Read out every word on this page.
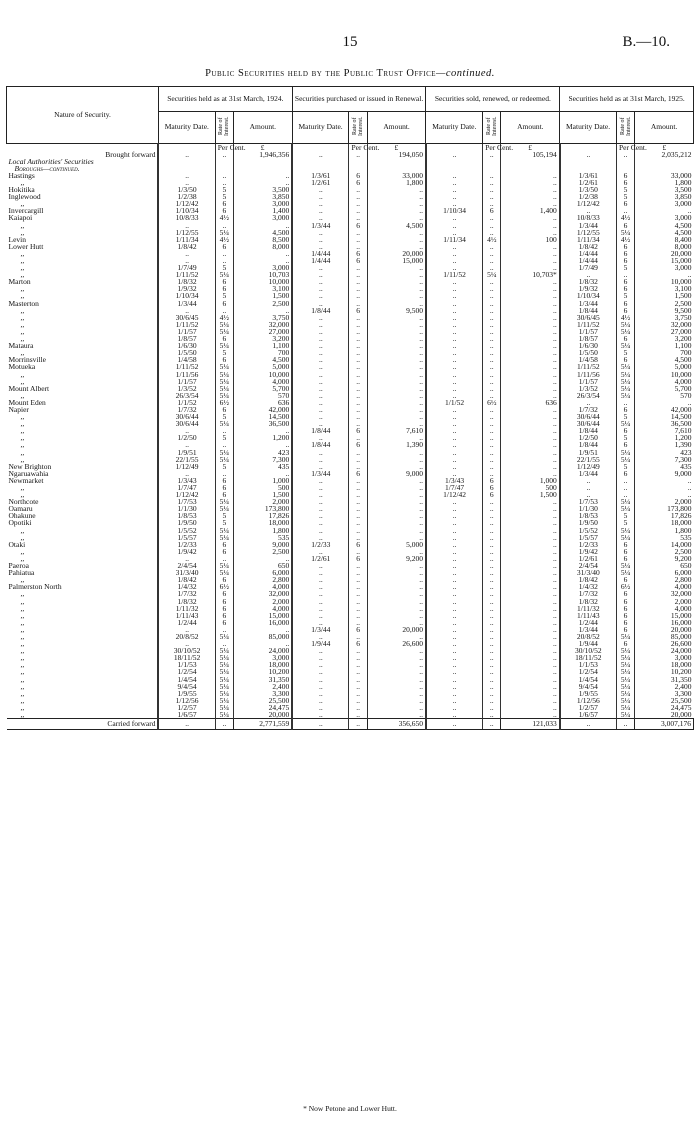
15	B.—10.
Public Securities held by the Public Trust Office—continued.
Nature of Security.	Securities held as at 31st March, 1924.			Securities purchased or issued in Renewal.			Securities sold, renewed, or redeemed.			Securities held as at 31st March, 1925.		
	Maturity Date.	Rate of Interest.	Amount.	Maturity Date.	Rate of Interest.	Amount.	Maturity Date.	Rate of Interest.	Amount.	Maturity Date.	Rate of Interest.	Amount.
		Per Cent.	£		Per Cent.	£		Per Cent.	£		Per Cent.	£
Brought forward	..	..	1,946,356	..	..	194,050	..	..	105,194	..	..	2,035,212
Local Authorities' Securities												
Boroughs—continued.												
Hastings	..	..	..	1/3/61	6	33,000	..	..	..	1/3/61	6	33,000
,,	..	..	..	1/2/61	6	1,800	..	..	..	1/2/61	6	1,800
Hokitika	1/3/50	5	3,500	..	..	..	..	..	..	1/3/50	5	3,500
Inglewood	1/2/38	5	3,850	..	..	..	..	..	..	1/2/38	5	3,850
,,	1/12/42	6	3,000	..	..	..	..	..	..	1/12/42	6	3,000
Invercargill	1/10/34	6	1,400	..	..	..	1/10/34	6	1,400	..	..	..
Kaiapoi	10/8/33	4½	3,000	..	..	..	..	..	..	10/8/33	4½	3,000
,,	..	..	..	1/3/44	6	4,500	..	..	..	1/3/44	6	4,500
,,	1/12/55	5¼	4,500	..	..	..	..	..	..	1/12/55	5¼	4,500
Levin	1/11/34	4½	8,500	..	..	..	1/11/34	4½	100	1/11/34	4½	8,400
Lower Hutt	1/8/42	6	8,000	..	..	..	..	..	..	1/8/42	6	8,000
,,	..	..	..	1/4/44	6	20,000	..	..	..	1/4/44	6	20,000
,,	..	..	..	1/4/44	6	15,000	..	..	..	1/4/44	6	15,000
,,	1/7/49	5	3,000	..	..	..	..	..	..	1/7/49	5	3,000
,,	1/11/52	5¼	10,703	..	..	..	1/11/52	5¼	10,703*	..	..	..
Marton	1/8/32	6	10,000	..	..	..	..	..	..	1/8/32	6	10,000
,,	1/9/32	6	3,100	..	..	..	..	..	..	1/9/32	6	3,100
,,	1/10/34	5	1,500	..	..	..	..	..	..	1/10/34	5	1,500
Masterton	1/3/44	6	2,500	..	..	..	..	..	..	1/3/44	6	2,500
,,	..	..	..	1/8/44	6	9,500	..	..	..	1/8/44	6	9,500
,,	30/6/45	4½	3,750	..	..	..	..	..	..	30/6/45	4½	3,750
,,	1/11/52	5¼	32,000	..	..	..	..	..	..	1/11/52	5¼	32,000
,,	1/1/57	5¼	27,000	..	..	..	..	..	..	1/1/57	5¼	27,000
,,	1/8/57	6	3,200	..	..	..	..	..	..	1/8/57	6	3,200
Mataura	1/6/30	5¼	1,100	..	..	..	..	..	..	1/6/30	5¼	1,100
,,	1/5/50	5	700	..	..	..	..	..	..	1/5/50	5	700
Morrinsville	1/4/58	6	4,500	..	..	..	..	..	..	1/4/58	6	4,500
Motueka	1/11/52	5¼	5,000	..	..	..	..	..	..	1/11/52	5¼	5,000
,,	1/11/56	5¼	10,000	..	..	..	..	..	..	1/11/56	5¼	10,000
,,	1/1/57	5¼	4,000	..	..	..	..	..	..	1/1/57	5¼	4,000
Mount Albert	1/3/52	5¼	5,700	..	..	..	..	..	..	1/3/52	5¼	5,700
,,	26/3/54	5¼	570	..	..	..	..	..	..	26/3/54	5¼	570
Mount Eden	1/1/52	6½	636	..	..	..	1/1/52	6½	636	..	..	..
Napier	1/7/32	6	42,000	..	..	..	..	..	..	1/7/32	6	42,000
,,	30/6/44	5	14,500	..	..	..	..	..	..	30/6/44	5	14,500
,,	30/6/44	5¼	36,500	..	..	..	..	..	..	30/6/44	5¼	36,500
,,	..	..	..	1/8/44	6	7,610	..	..	..	1/8/44	6	7,610
,,	1/2/50	5	1,200	..	..	..	..	..	..	1/2/50	5	1,200
,,	..	..	..	1/8/44	6	1,390	..	..	..	1/8/44	6	1,390
,,	1/9/51	5¼	423	..	..	..	..	..	..	1/9/51	5¼	423
,,	22/1/55	5¼	7,300	..	..	..	..	..	..	22/1/55	5¼	7,300
New Brighton	1/12/49	5	435	..	..	..	..	..	..	1/12/49	5	435
Ngaruawahia	..	..	..	1/3/44	6	9,000	..	..	..	1/3/44	6	9,000
Newmarket	1/3/43	6	1,000	..	..	..	1/3/43	6	1,000	..	..	..
,,	1/7/47	6	500	..	..	..	1/7/47	6	500	..	..	..
,,	1/12/42	6	1,500	..	..	..	1/12/42	6	1,500	..	..	..
Northcote	1/7/53	5¼	2,000	..	..	..	..	..	..	1/7/53	5¼	2,000
Oamaru	1/1/30	5¼	173,800	..	..	..	..	..	..	1/1/30	5¼	173,800
Ohakune	1/8/53	5	17,826	..	..	..	..	..	..	1/8/53	5	17,826
Opotiki	1/9/50	5	18,000	..	..	..	..	..	..	1/9/50	5	18,000
,,	1/5/52	5¼	1,800	..	..	..	..	..	..	1/5/52	5¼	1,800
,,	1/5/57	5¼	535	..	..	..	..	..	..	1/5/57	5¼	535
Otaki	1/2/33	6	9,000	1/2/33	6	5,000	..	..	..	1/2/33	6	14,000
,,	1/9/42	6	2,500	..	..	..	..	..	..	1/9/42	6	2,500
,,	..	..	..	1/2/61	6	9,200	..	..	..	1/2/61	6	9,200
Paeroa	2/4/54	5¼	650	..	..	..	..	..	..	2/4/54	5¼	650
Pahiatua	31/3/40	5¼	6,000	..	..	..	..	..	..	31/3/40	5¼	6,000
,,	1/8/42	6	2,800	..	..	..	..	..	..	1/8/42	6	2,800
Palmerston North	1/4/32	6½	4,000	..	..	..	..	..	..	1/4/32	6½	4,000
,,	1/7/32	6	32,000	..	..	..	..	..	..	1/7/32	6	32,000
,,	1/8/32	6	2,000	..	..	..	..	..	..	1/8/32	6	2,000
,,	1/11/32	6	4,000	..	..	..	..	..	..	1/11/32	6	4,000
,,	1/11/43	6	15,000	..	..	..	..	..	..	1/11/43	6	15,000
,,	1/2/44	6	16,000	..	..	..	..	..	..	1/2/44	6	16,000
,,	..	..	..	1/3/44	6	20,000	..	..	..	1/3/44	6	20,000
,,	20/8/52	5¼	85,000	..	..	..	..	..	..	20/8/52	5¼	85,000
,,	..	..	..	1/9/44	6	26,600	..	..	..	1/9/44	6	26,600
,,	30/10/52	5¼	24,000	..	..	..	..	..	..	30/10/52	5¼	24,000
,,	18/11/52	5¼	3,000	..	..	..	..	..	..	18/11/52	5¼	3,000
,,	1/1/53	5¼	18,000	..	..	..	..	..	..	1/1/53	5¼	18,000
,,	1/2/54	5¼	10,200	..	..	..	..	..	..	1/2/54	5¼	10,200
,,	1/4/54	5¼	31,350	..	..	..	..	..	..	1/4/54	5¼	31,350
,,	9/4/54	5¼	2,400	..	..	..	..	..	..	9/4/54	5¼	2,400
,,	1/9/55	5¼	3,300	..	..	..	..	..	..	1/9/55	5¼	3,300
,,	1/12/56	5¼	25,500	..	..	..	..	..	..	1/12/56	5¼	25,500
,,	1/2/57	5¼	24,475	..	..	..	..	..	..	1/2/57	5¼	24,475
,,	1/6/57	5¼	20,000	..	..	..	..	..	..	1/6/57	5¼	20,000
Carried forward	..	..	2,771,559	..	..	356,650	..	..	121,033	..	..	3,007,176
* Now Petone and Lower Hutt.
